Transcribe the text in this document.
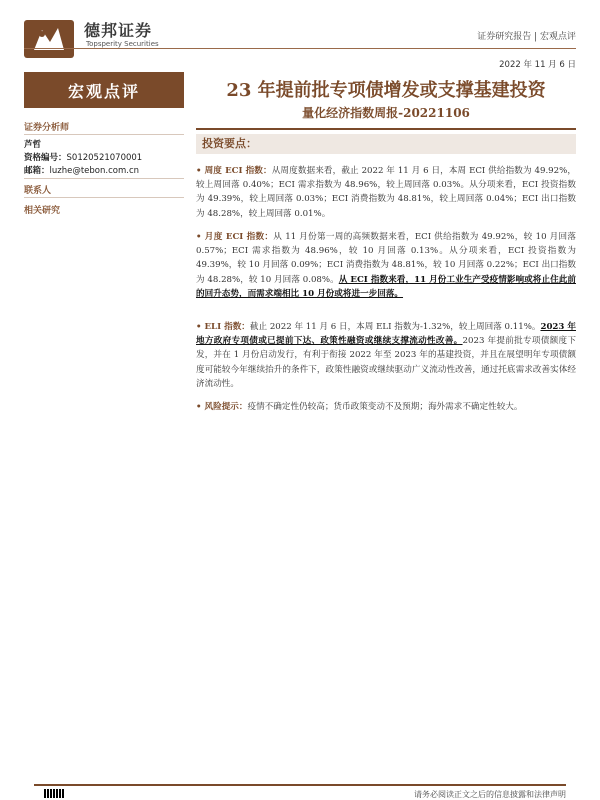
德邦证券
Topsperity Securities
证券研究报告 | 宏观点评
2022 年 11 月 6 日
宏观点评
证券分析师
芦哲
资格编号：S0120521070001
邮箱：luzhe@tebon.com.cn
联系人
相关研究
23 年提前批专项债增发或支撑基建投资
量化经济指数周报-20221106
投资要点：
• 周度 ECI 指数：从周度数据来看，截止 2022 年 11 月 6 日，本周 ECI 供给指数为 49.92%，较上周回落 0.40%；ECI 需求指数为 48.96%，较上周回落 0.03%。从分项来看，ECI 投资指数为 49.39%，较上周回落 0.03%；ECI 消费指数为 48.81%，较上周回落 0.04%；ECI 出口指数为 48.28%，较上周回落 0.01%。
• 月度 ECI 指数：从 11 月份第一周的高频数据来看，ECI 供给指数为 49.92%，较 10 月回落 0.57%；ECI 需求指数为 48.96%，较 10 月回落 0.13%。从分项来看，ECI 投资指数为 49.39%，较 10 月回落 0.09%；ECI 消费指数为 48.81%，较 10 月回落 0.22%；ECI 出口指数为 48.28%，较 10 月回落 0.08%。从 ECI 指数来看，11 月份工业生产受疫情影响或将止住此前的回升态势，而需求端相比 10 月份或将进一步回落。
• ELI 指数：截止 2022 年 11 月 6 日，本周 ELI 指数为-1.32%，较上周回落 0.11%。2023 年地方政府专项债或已提前下达、政策性融资或继续支撑流动性改善。2023 年提前批专项债额度下发，并在 1 月份启动发行，有利于衔接 2022 年至 2023 年的基建投资，并且在展望明年专项债额度可能较今年继续抬升的条件下，政策性融资或继续驱动广义流动性改善，通过托底需求改善实体经济流动性。
• 风险提示：疫情不确定性仍较高；货币政策变动不及预期；海外需求不确定性较大。
请务必阅读正文之后的信息披露和法律声明
